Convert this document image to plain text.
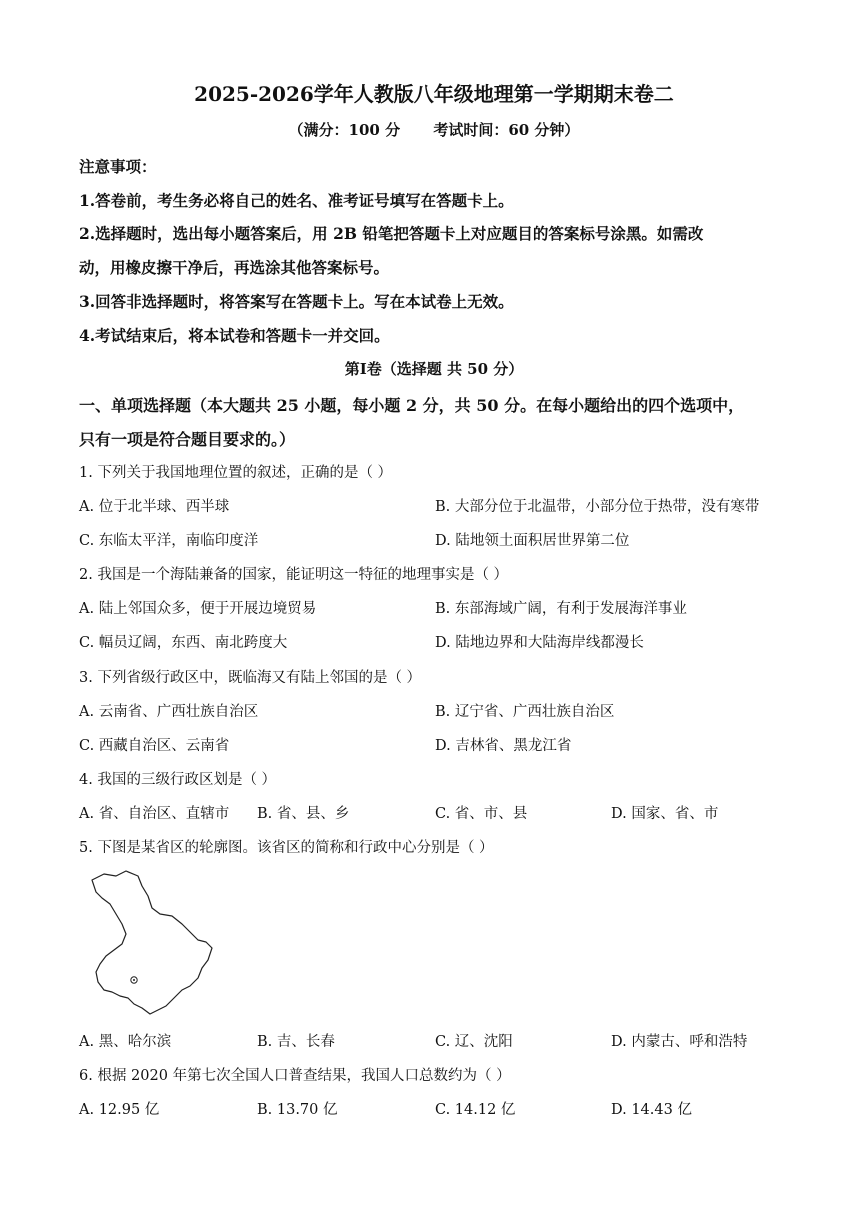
2025-2026学年人教版八年级地理第一学期期末卷二
（满分：100 分 考试时间：60 分钟）
注意事项：
1.答卷前，考生务必将自己的姓名、准考证号填写在答题卡上。
2.选择题时，选出每小题答案后，用 2B 铅笔把答题卡上对应题目的答案标号涂黑。如需改
动，用橡皮擦干净后，再选涂其他答案标号。
3.回答非选择题时，将答案写在答题卡上。写在本试卷上无效。
4.考试结束后，将本试卷和答题卡一并交回。
第Ⅰ卷（选择题 共 50 分）
一、单项选择题（本大题共 25 小题，每小题 2 分，共 50 分。在每小题给出的四个选项中，
只有一项是符合题目要求的。）
1. 下列关于我国地理位置的叙述，正确的是（ ）
A. 位于北半球、西半球	B. 大部分位于北温带，小部分位于热带，没有寒带
C. 东临太平洋，南临印度洋	D. 陆地领土面积居世界第二位
2. 我国是一个海陆兼备的国家，能证明这一特征的地理事实是（ ）
A. 陆上邻国众多，便于开展边境贸易	B. 东部海域广阔，有利于发展海洋事业
C. 幅员辽阔，东西、南北跨度大	D. 陆地边界和大陆海岸线都漫长
3. 下列省级行政区中，既临海又有陆上邻国的是（ ）
A. 云南省、广西壮族自治区	B. 辽宁省、广西壮族自治区
C. 西藏自治区、云南省	D. 吉林省、黑龙江省
4. 我国的三级行政区划是（ ）
A. 省、自治区、直辖市 B. 省、县、乡	C. 省、市、县	D. 国家、省、市
5. 下图是某省区的轮廓图。该省区的简称和行政中心分别是（ ）
A. 黑、哈尔滨	B. 吉、长春	C. 辽、沈阳	D. 内蒙古、呼和浩特
6. 根据 2020 年第七次全国人口普查结果，我国人口总数约为（ ）
A. 12.95 亿	B. 13.70 亿	C. 14.12 亿	D. 14.43 亿
